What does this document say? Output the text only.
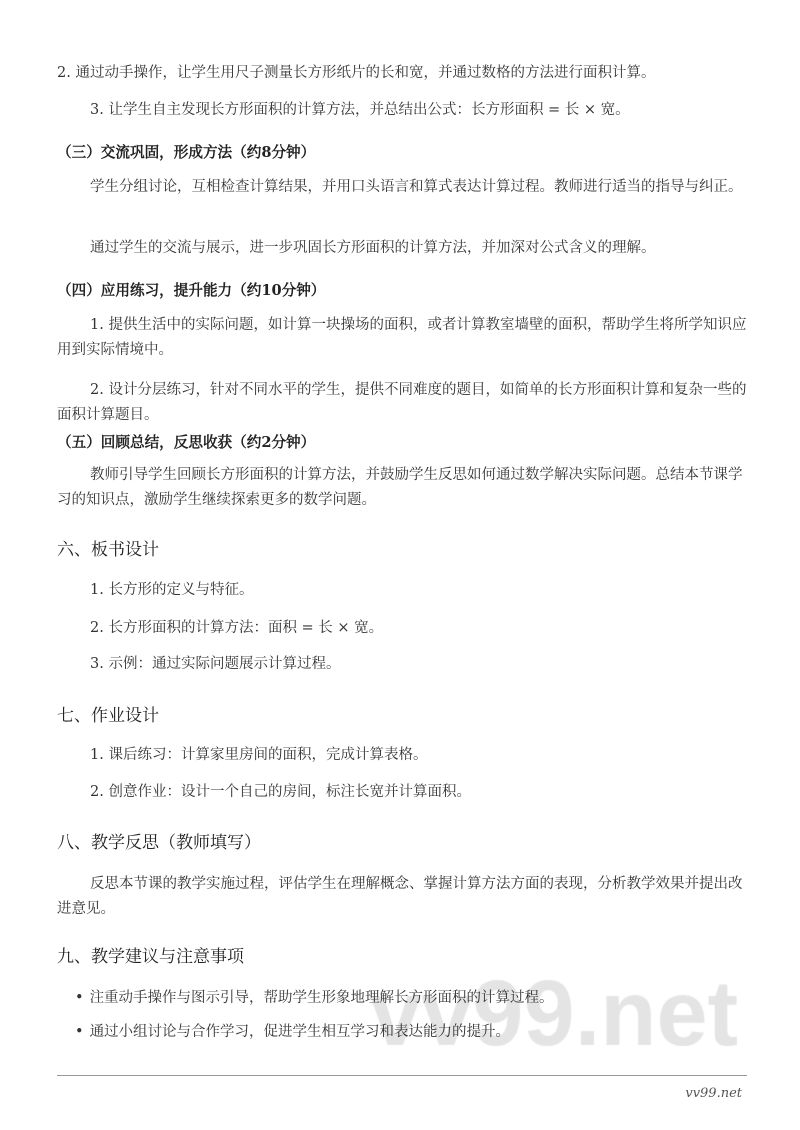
2. 通过动手操作，让学生用尺子测量长方形纸片的长和宽，并通过数格的方法进行面积计算。
3. 让学生自主发现长方形面积的计算方法，并总结出公式：长方形面积 = 长 × 宽。
（三）交流巩固，形成方法（约8分钟）
学生分组讨论，互相检查计算结果，并用口头语言和算式表达计算过程。教师进行适当的指导与纠正。
通过学生的交流与展示，进一步巩固长方形面积的计算方法，并加深对公式含义的理解。
（四）应用练习，提升能力（约10分钟）
1. 提供生活中的实际问题，如计算一块操场的面积，或者计算教室墙壁的面积，帮助学生将所学知识应用到实际情境中。
2. 设计分层练习，针对不同水平的学生，提供不同难度的题目，如简单的长方形面积计算和复杂一些的面积计算题目。
（五）回顾总结，反思收获（约2分钟）
教师引导学生回顾长方形面积的计算方法，并鼓励学生反思如何通过数学解决实际问题。总结本节课学习的知识点，激励学生继续探索更多的数学问题。
六、板书设计
1. 长方形的定义与特征。
2. 长方形面积的计算方法：面积 = 长 × 宽。
3. 示例：通过实际问题展示计算过程。
七、作业设计
1. 课后练习：计算家里房间的面积，完成计算表格。
2. 创意作业：设计一个自己的房间，标注长宽并计算面积。
八、教学反思（教师填写）
反思本节课的教学实施过程，评估学生在理解概念、掌握计算方法方面的表现，分析教学效果并提出改进意见。
九、教学建议与注意事项
• 注重动手操作与图示引导，帮助学生形象地理解长方形面积的计算过程。
• 通过小组讨论与合作学习，促进学生相互学习和表达能力的提升。
vv99.net
